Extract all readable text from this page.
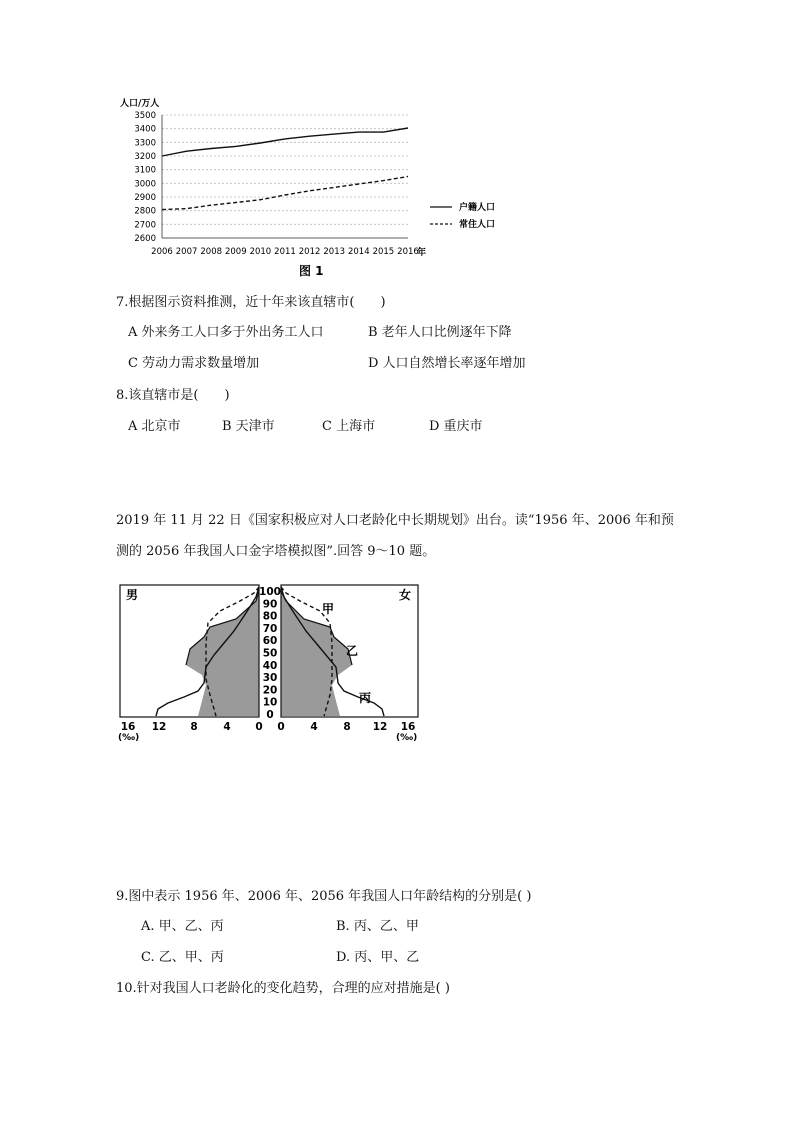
人口/万人
2600
2700
2800
2900
3000
3100
3200
3300
3400
3500
2006 2007 2008 2009 2010 2011 2012 2013 2014 2015 2016
年
户籍人口
常住人口
图 1
7.根据图示资料推测，近十年来该直辖市(　　)
A 外来务工人口多于外出务工人口	B 老年人口比例逐年下降
C 劳动力需求数量增加	D 人口自然增长率逐年增加
8.该直辖市是(　　)
A 北京市	B 天津市	C 上海市	D 重庆市
2019 年 11 月 22 日《国家积极应对人口老龄化中长期规划》出台。读“1956 年、2006 年和预
测的 2056 年我国人口金字塔模拟图”.回答 9～10 题。
男	女
甲
乙
丙
100
90
80
70
60
50
40
30
20
10
0
16 12 8 4 0 0 4 8 12 16
(‰)	(‰)
9.图中表示 1956 年、2006 年、2056 年我国人口年龄结构的分别是( )
A. 甲、乙、丙	B. 丙、乙、甲
C. 乙、甲、丙	D. 丙、甲、乙
10.针对我国人口老龄化的变化趋势，合理的应对措施是( )
